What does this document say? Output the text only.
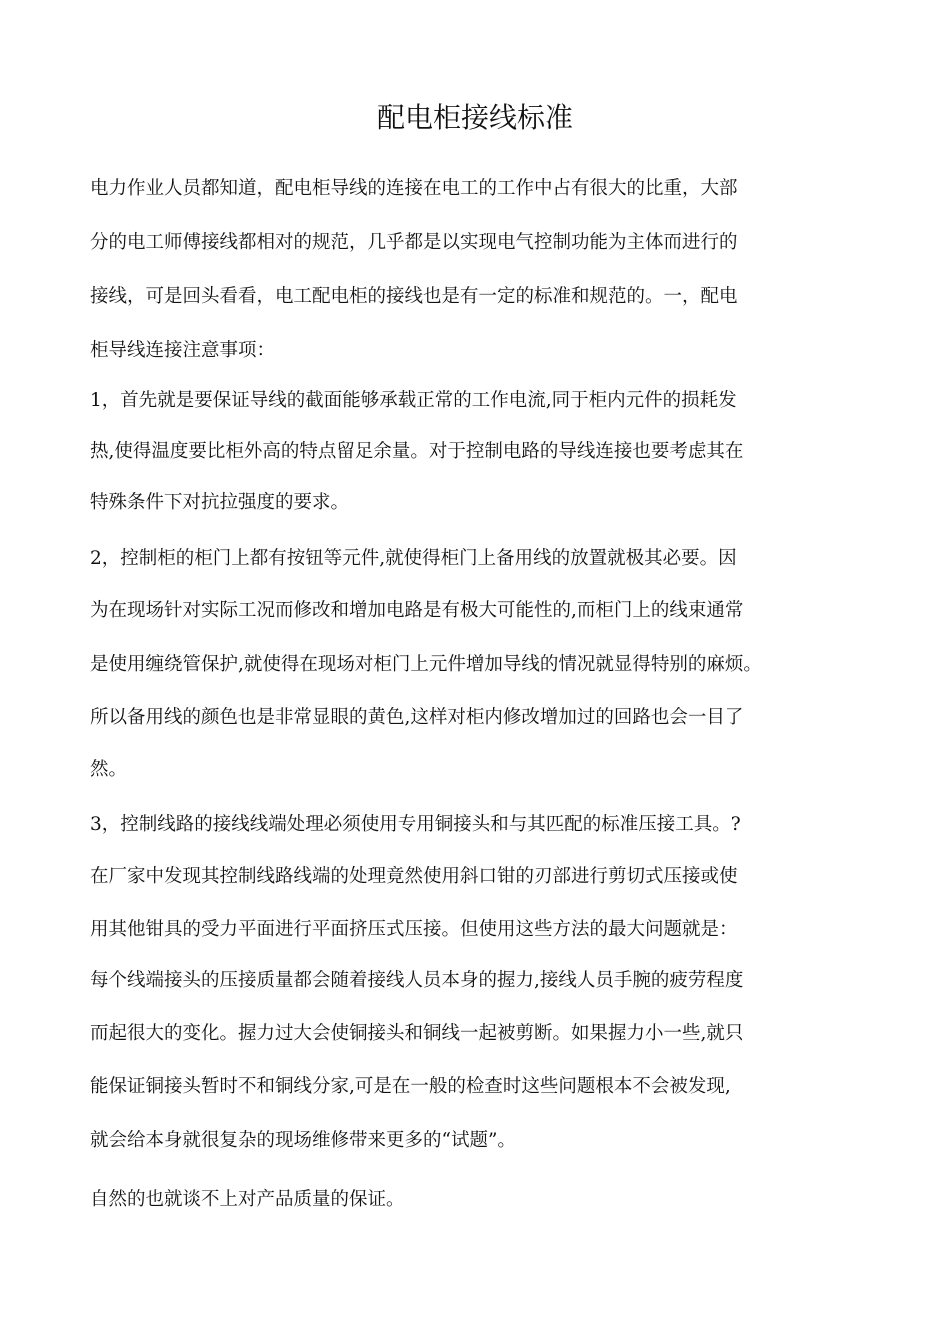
配电柜接线标准
电力作业人员都知道，配电柜导线的连接在电工的工作中占有很大的比重，大部
分的电工师傅接线都相对的规范，几乎都是以实现电气控制功能为主体而进行的
接线，可是回头看看，电工配电柜的接线也是有一定的标准和规范的。一，配电
柜导线连接注意事项：
1，首先就是要保证导线的截面能够承载正常的工作电流,同于柜内元件的损耗发
热,使得温度要比柜外高的特点留足余量。对于控制电路的导线连接也要考虑其在
特殊条件下对抗拉强度的要求。
2，控制柜的柜门上都有按钮等元件,就使得柜门上备用线的放置就极其必要。因
为在现场针对实际工况而修改和增加电路是有极大可能性的,而柜门上的线束通常
是使用缠绕管保护,就使得在现场对柜门上元件增加导线的情况就显得特别的麻烦。
所以备用线的颜色也是非常显眼的黄色,这样对柜内修改增加过的回路也会一目了
然。
3，控制线路的接线线端处理必须使用专用铜接头和与其匹配的标准压接工具。?
在厂家中发现其控制线路线端的处理竟然使用斜口钳的刃部进行剪切式压接或使
用其他钳具的受力平面进行平面挤压式压接。但使用这些方法的最大问题就是：
每个线端接头的压接质量都会随着接线人员本身的握力,接线人员手腕的疲劳程度
而起很大的变化。握力过大会使铜接头和铜线一起被剪断。如果握力小一些,就只
能保证铜接头暂时不和铜线分家,可是在一般的检查时这些问题根本不会被发现,
就会给本身就很复杂的现场维修带来更多的“试题”。
自然的也就谈不上对产品质量的保证。
